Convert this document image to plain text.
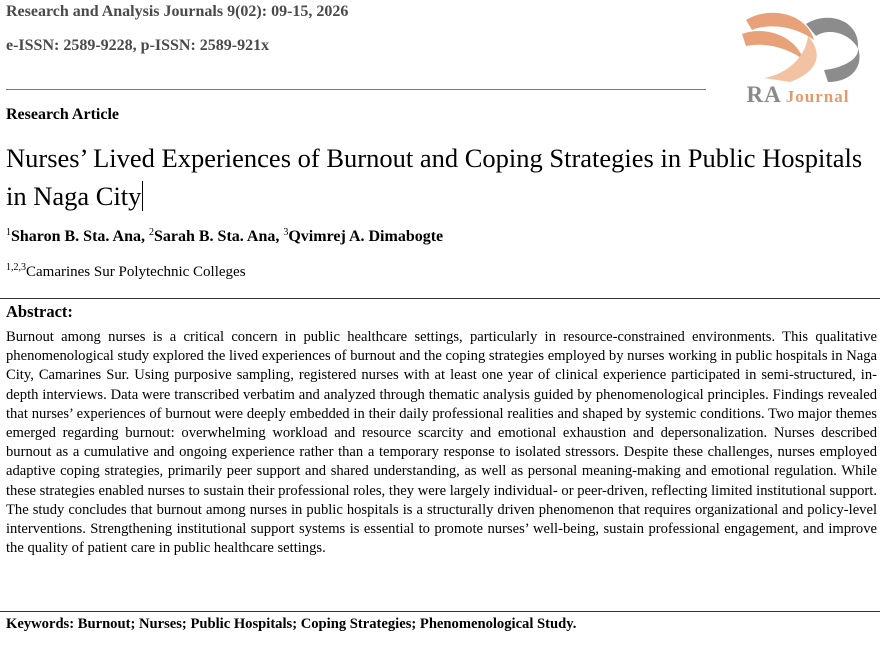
Research and Analysis Journals 9(02): 09-15, 2026
e-ISSN: 2589-9228, p-ISSN: 2589-921x
RA Journal
Research Article
Nurses’ Lived Experiences of Burnout and Coping Strategies in Public Hospitals in Naga City
$^1$Sharon B. Sta. Ana, $^2$Sarah B. Sta. Ana, $^3$Qvimrej A. Dimabogte
$^{1,2,3}$Camarines Sur Polytechnic Colleges
Abstract:
Burnout among nurses is a critical concern in public healthcare settings, particularly in resource-constrained environments. This qualitative phenomenological study explored the lived experiences of burnout and the coping strategies employed by nurses working in public hospitals in Naga City, Camarines Sur. Using purposive sampling, registered nurses with at least one year of clinical experience participated in semi-structured, in-depth interviews. Data were transcribed verbatim and analyzed through thematic analysis guided by phenomenological principles. Findings revealed that nurses’ experiences of burnout were deeply embedded in their daily professional realities and shaped by systemic conditions. Two major themes emerged regarding burnout: overwhelming workload and resource scarcity and emotional exhaustion and depersonalization. Nurses described burnout as a cumulative and ongoing experience rather than a temporary response to isolated stressors. Despite these challenges, nurses employed adaptive coping strategies, primarily peer support and shared understanding, as well as personal meaning-making and emotional regulation. While these strategies enabled nurses to sustain their professional roles, they were largely individual- or peer-driven, reflecting limited institutional support. The study concludes that burnout among nurses in public hospitals is a structurally driven phenomenon that requires organizational and policy-level interventions. Strengthening institutional support systems is essential to promote nurses’ well-being, sustain professional engagement, and improve the quality of patient care in public healthcare settings.
Keywords: Burnout; Nurses; Public Hospitals; Coping Strategies; Phenomenological Study.
